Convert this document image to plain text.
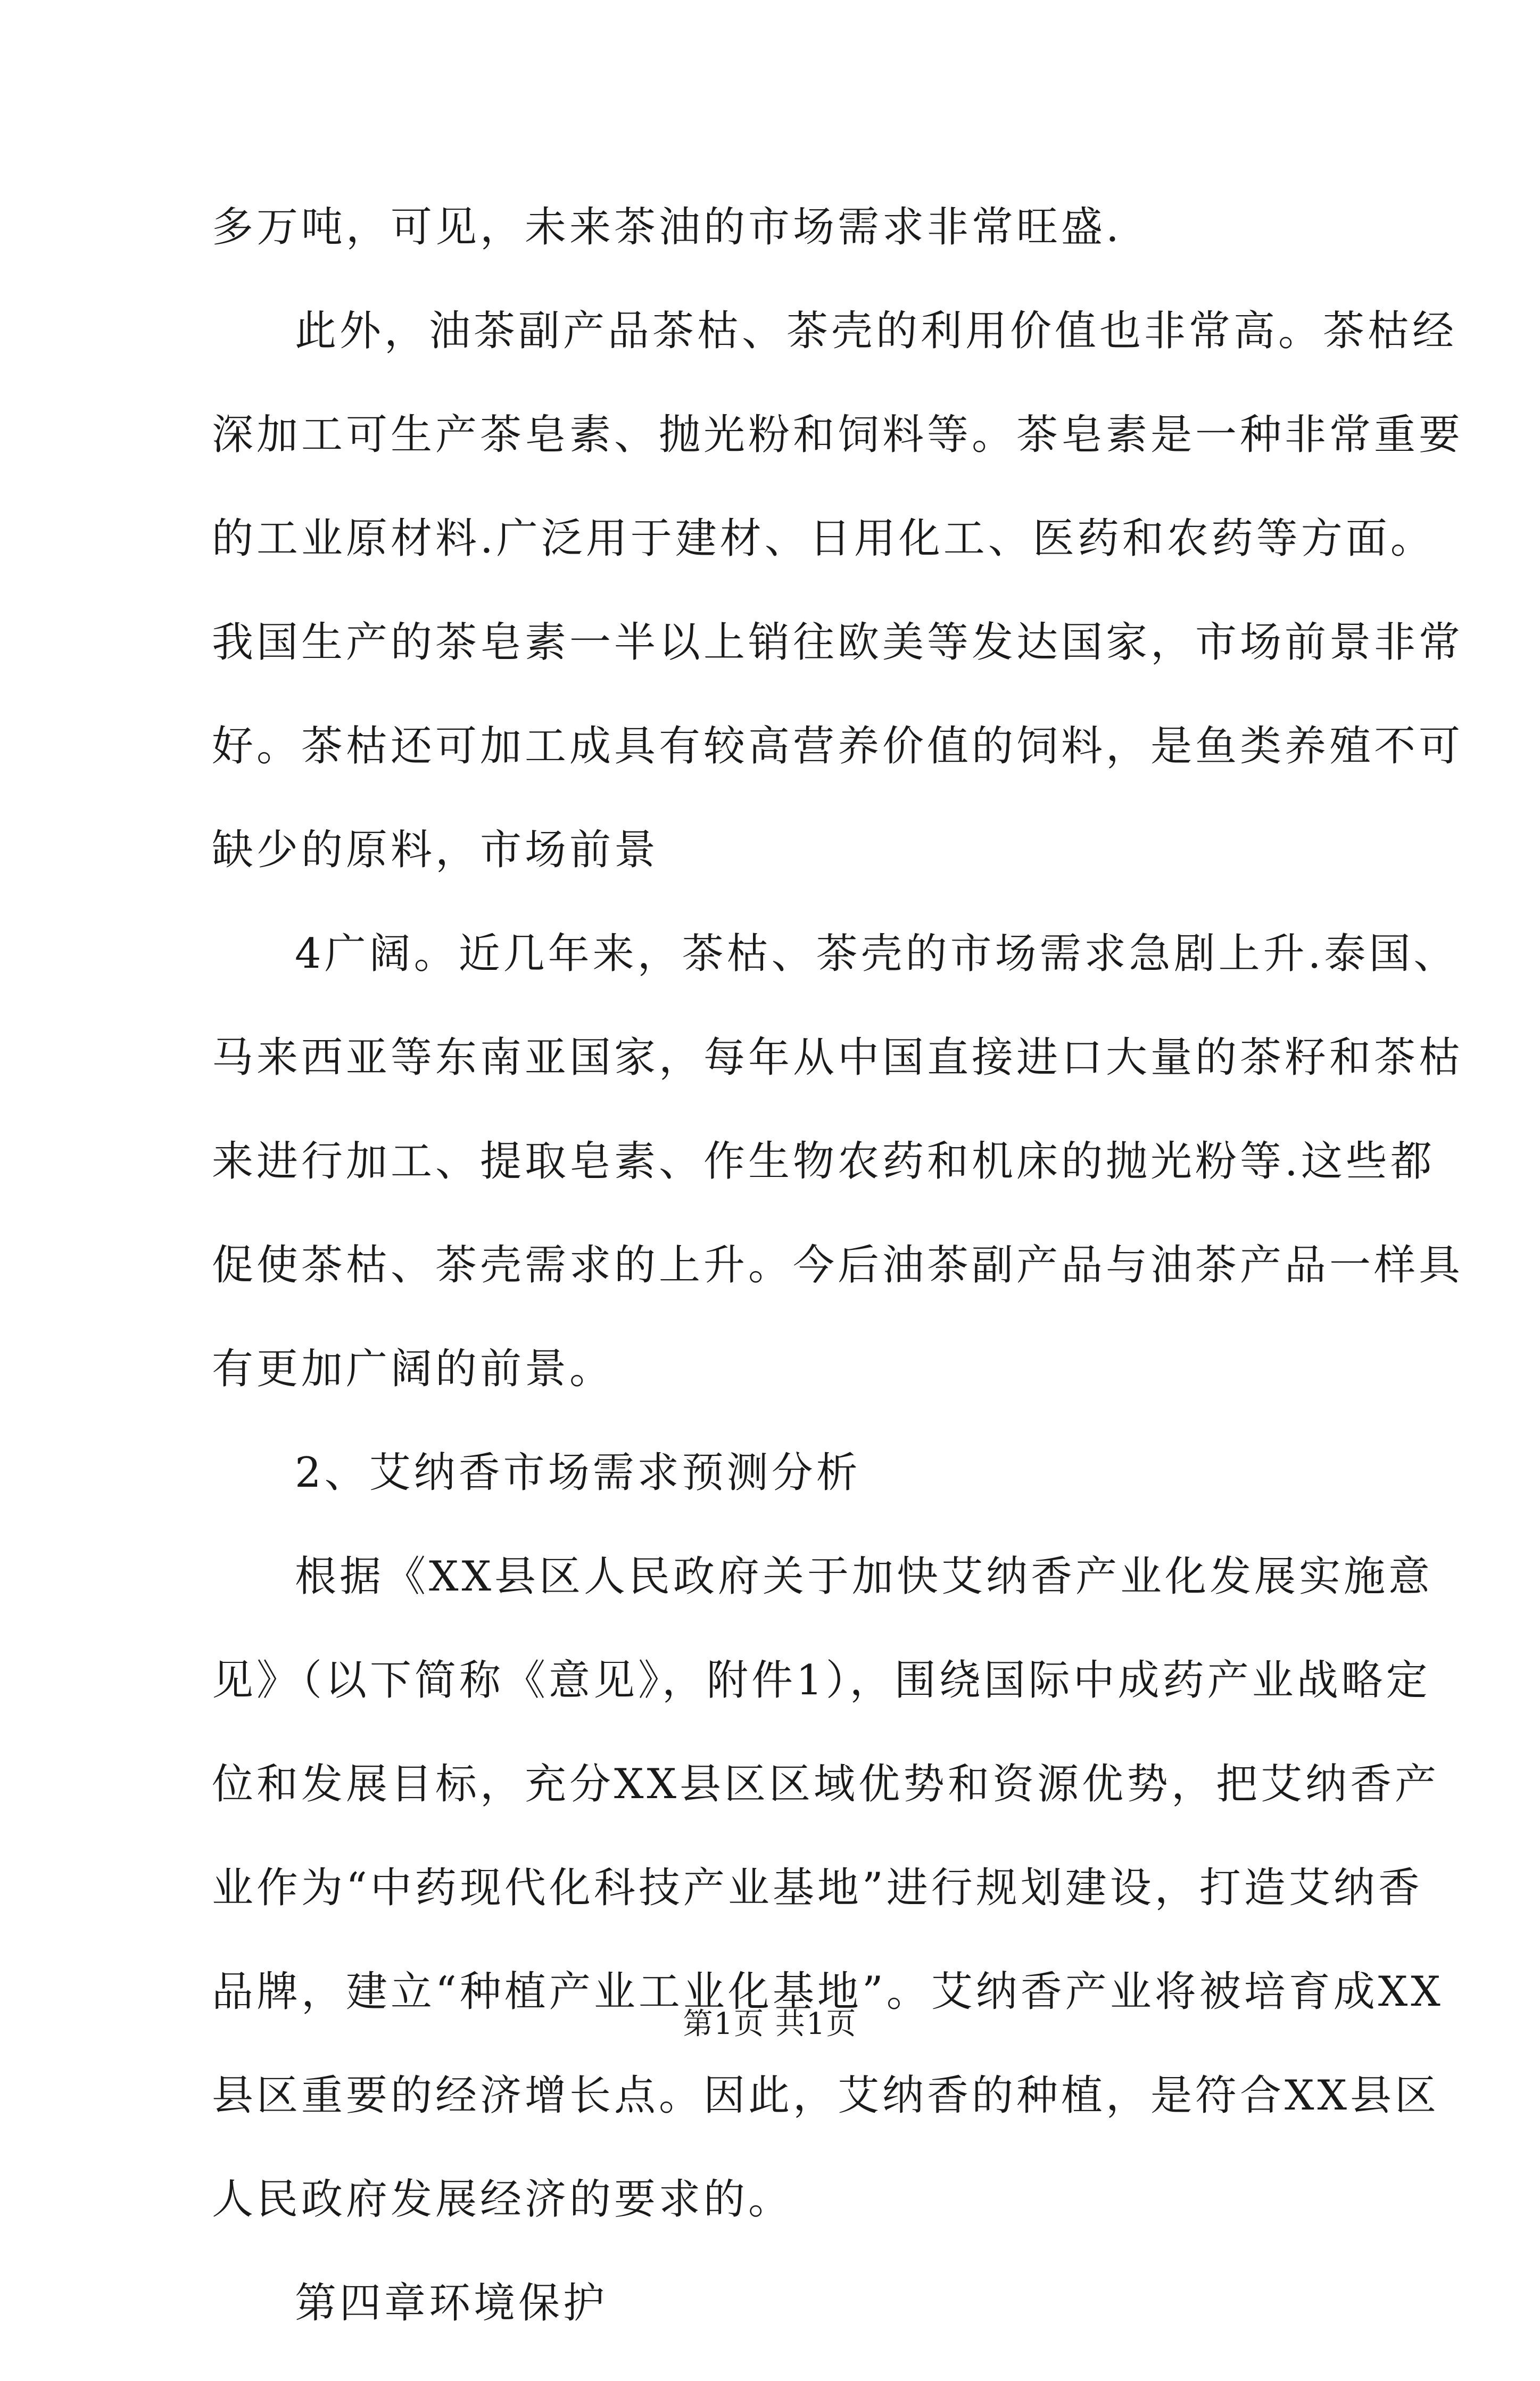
多万吨，可见，未来茶油的市场需求非常旺盛.
此外，油茶副产品茶枯、茶壳的利用价值也非常高。茶枯经
深加工可生产茶皂素、抛光粉和饲料等。茶皂素是一种非常重要
的工业原材料.广泛用于建材、日用化工、医药和农药等方面。
我国生产的茶皂素一半以上销往欧美等发达国家，市场前景非常
好。茶枯还可加工成具有较高营养价值的饲料，是鱼类养殖不可
缺少的原料，市场前景
4广阔。近几年来，茶枯、茶壳的市场需求急剧上升.泰国、
马来西亚等东南亚国家，每年从中国直接进口大量的茶籽和茶枯
来进行加工、提取皂素、作生物农药和机床的抛光粉等.这些都
促使茶枯、茶壳需求的上升。今后油茶副产品与油茶产品一样具
有更加广阔的前景。
2、艾纳香市场需求预测分析
根据《XX县区人民政府关于加快艾纳香产业化发展实施意
见》（以下简称《意见》，附件1），围绕国际中成药产业战略定
位和发展目标，充分XX县区区域优势和资源优势，把艾纳香产
业作为“中药现代化科技产业基地”进行规划建设，打造艾纳香
品牌，建立“种植产业工业化基地”。艾纳香产业将被培育成XX
县区重要的经济增长点。因此，艾纳香的种植，是符合XX县区
人民政府发展经济的要求的。
第四章环境保护
第1页 共1页
